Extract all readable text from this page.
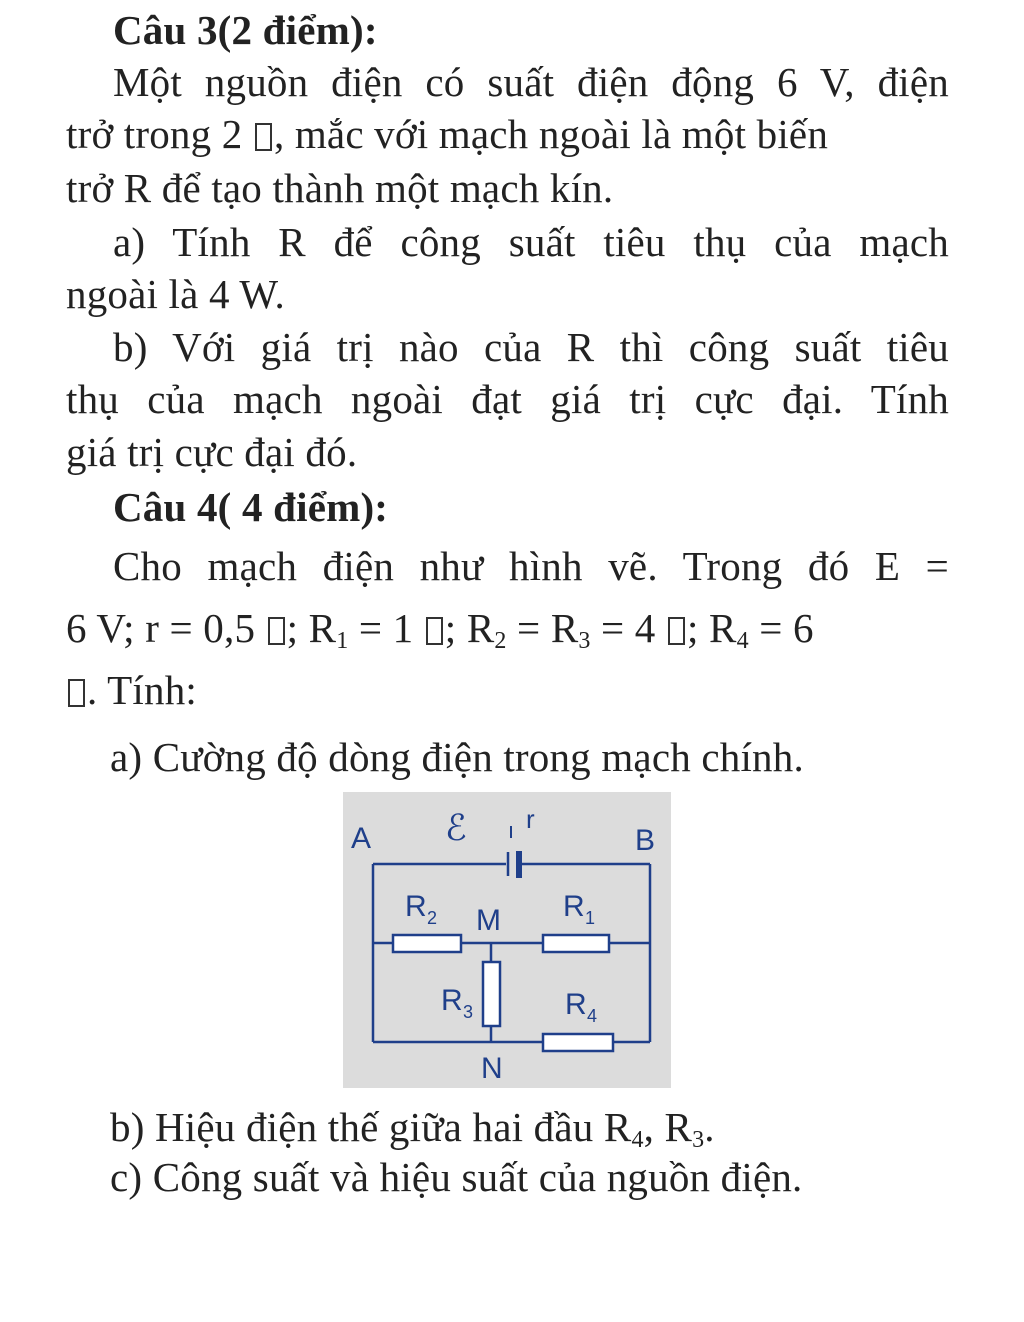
Câu 3(2 điểm):
Một nguồn điện có suất điện động 6 V, điện
trở trong 2 , mắc với mạch ngoài là một biến
trở R để tạo thành một mạch kín.
a) Tính R để công suất tiêu thụ của mạch
ngoài là 4 W.
b) Với giá trị nào của R thì công suất tiêu
thụ của mạch ngoài đạt giá trị cực đại. Tính
giá trị cực đại đó.
Câu 4( 4 điểm):
Cho mạch điện như hình vẽ. Trong đó E =
6 V; r = 0,5 ; $R_1 = 1$ ; $R_2 = R_3 = 4$ ; $R_4 = 6$
. Tính:
a) Cường độ dòng điện trong mạch chính.
A	B
ℰ r
M
N
R 2	R 1
R 3	R 4
b) Hiệu điện thế giữa hai đầu $R_4$, $R_3$.
c) Công suất và hiệu suất của nguồn điện.
